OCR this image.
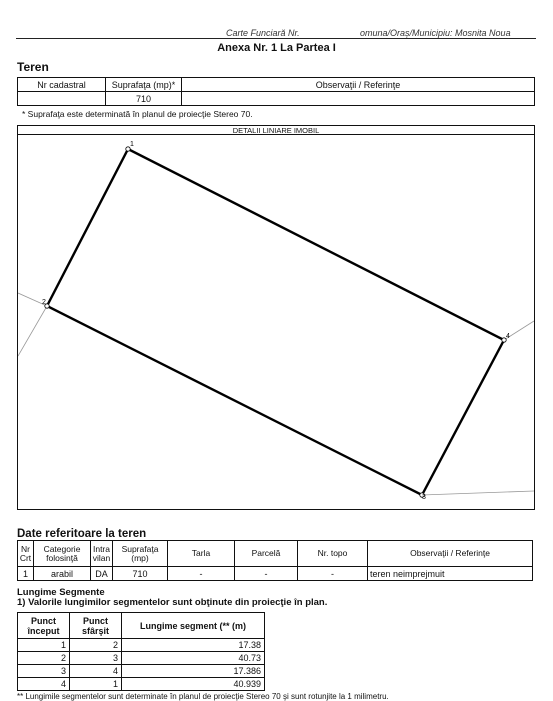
Carte Funciară Nr.	omuna/Oraș/Municipiu: Mosnita Noua
Anexa Nr. 1 La Partea I
Teren
Nr cadastral	Suprafaţa (mp)*	Observaţii / Referinţe
	710	
* Suprafaţa este determinată în planul de proiecţie Stereo 70.
DETALII LINIARE IMOBIL
1
2
3
4
Date referitoare la teren
Nr Crt	Categorie folosinţă	Intra vilan	Suprafaţa (mp)	Tarla	Parcelă	Nr. topo	Observaţii / Referinţe
1	arabil	DA	710	-	-	-	teren neimprejmuit
Lungime Segmente
1) Valorile lungimilor segmentelor sunt obţinute din proiecţie în plan.
Punct început	Punct sfârşit	Lungime segment (** (m)
1	2	17.38
2	3	40.73
3	4	17.386
4	1	40.939
** Lungimile segmentelor sunt determinate în planul de proiecţie Stereo 70 şi sunt rotunjite la 1 milimetru.
